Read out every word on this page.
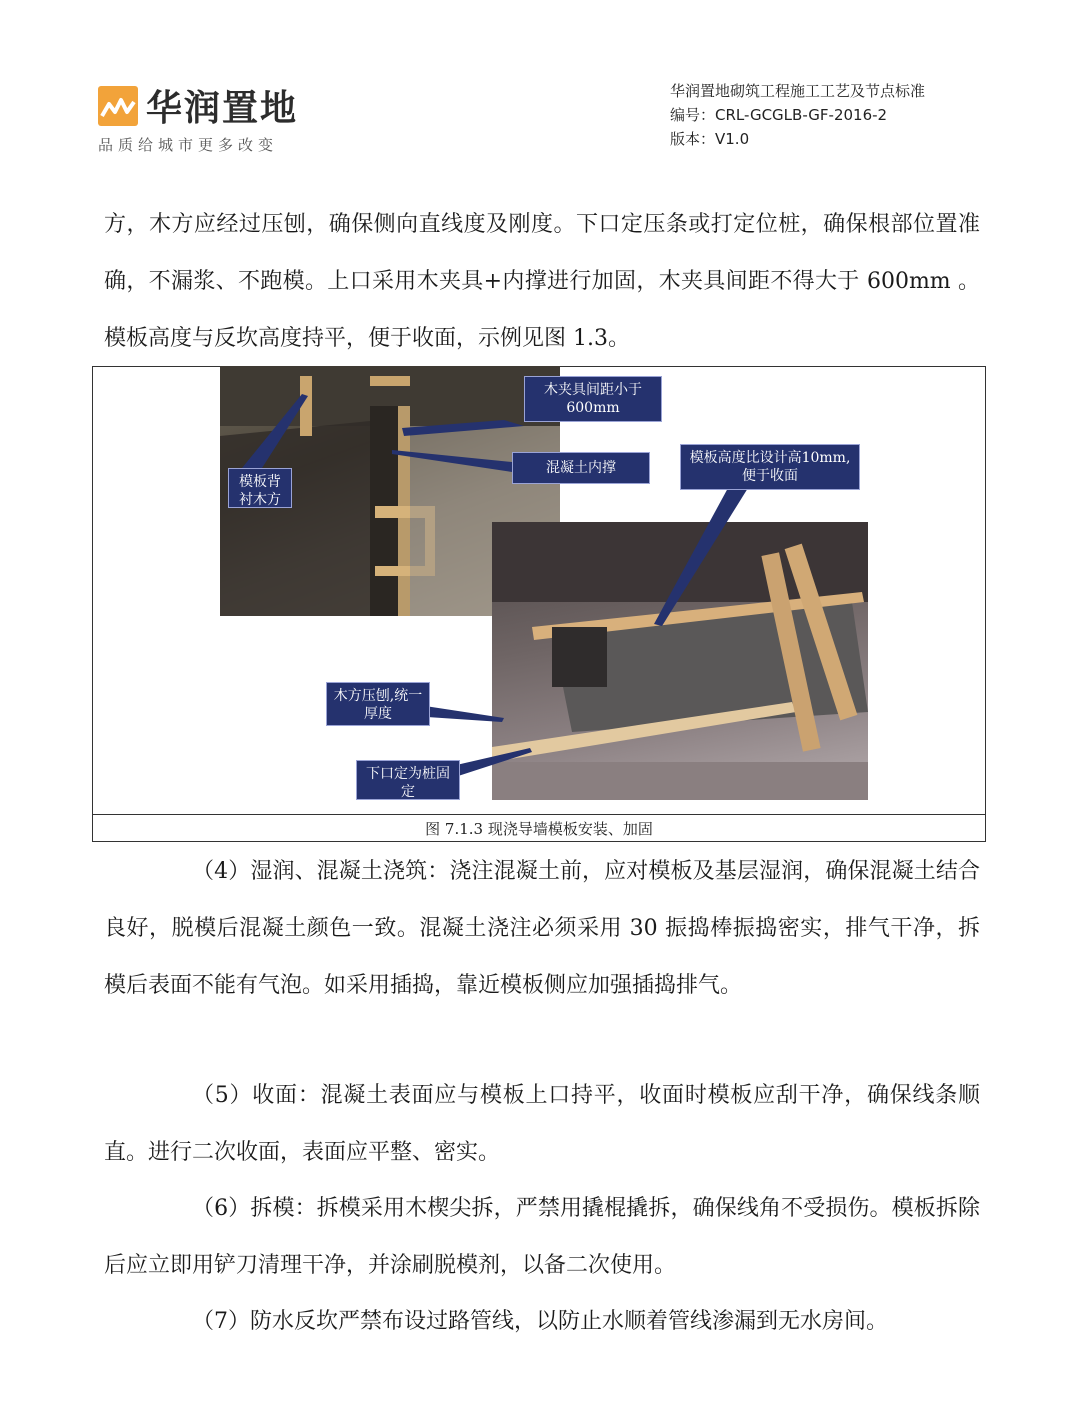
华润置地
品质给城市更多改变
华润置地砌筑工程施工工艺及节点标准
编号：CRL-GCGLB-GF-2016-2
版本：V1.0
方，木方应经过压刨，确保侧向直线度及刚度。下口定压条或打定位桩，确保根部位置准确，不漏浆、不跑模。上口采用木夹具+内撑进行加固，木夹具间距不得大于 600mm 。模板高度与反坎高度持平，便于收面，示例见图 1.3。
木夹具间距小于600mm
混凝土内撑
模板背衬木方
模板高度比设计高10mm,便于收面
木方压刨,统一厚度
下口定为桩固定
图 7.1.3 现浇导墙模板安装、加固
（4）湿润、混凝土浇筑：浇注混凝土前，应对模板及基层湿润，确保混凝土结合良好，脱模后混凝土颜色一致。混凝土浇注必须采用 30 振捣棒振捣密实，排气干净，拆模后表面不能有气泡。如采用插捣，靠近模板侧应加强插捣排气。
（5）收面：混凝土表面应与模板上口持平，收面时模板应刮干净，确保线条顺直。进行二次收面，表面应平整、密实。
（6）拆模：拆模采用木楔尖拆，严禁用撬棍撬拆，确保线角不受损伤。模板拆除后应立即用铲刀清理干净，并涂刷脱模剂，以备二次使用。
（7）防水反坎严禁布设过路管线，以防止水顺着管线渗漏到无水房间。
